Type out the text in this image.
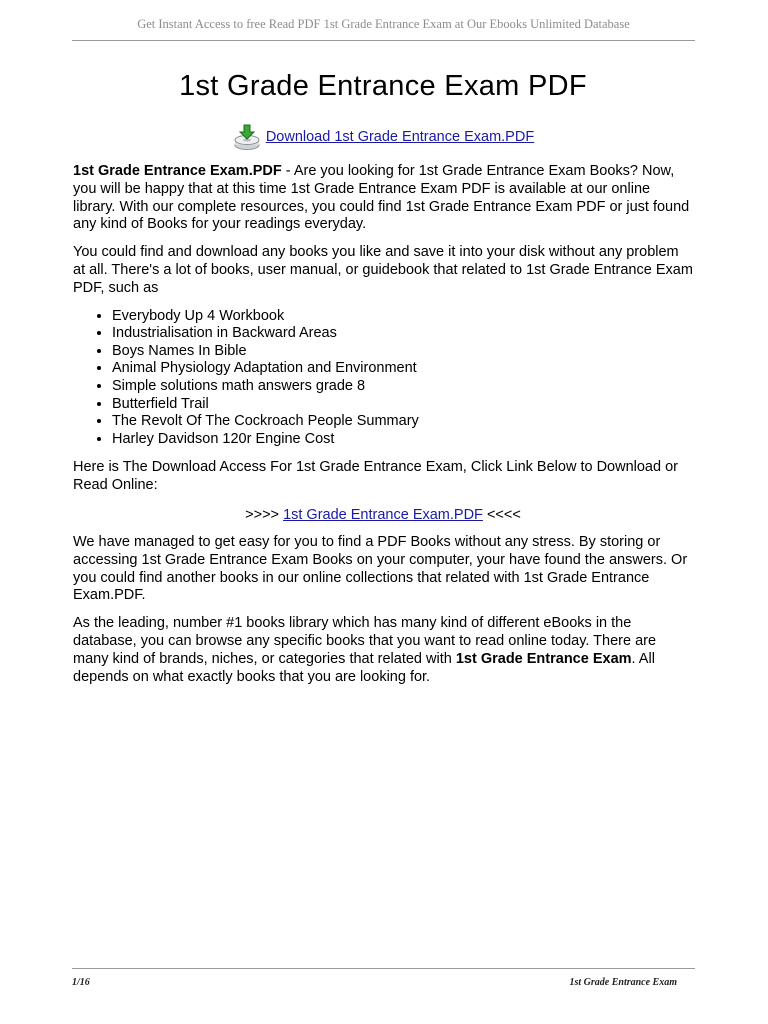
Get Instant Access to free Read PDF 1st Grade Entrance Exam at Our Ebooks Unlimited Database
1st Grade Entrance Exam PDF
Download 1st Grade Entrance Exam.PDF

1st Grade Entrance Exam.PDF - Are you looking for 1st Grade Entrance Exam Books? Now, you will be happy that at this time 1st Grade Entrance Exam PDF is available at our online library. With our complete resources, you could find 1st Grade Entrance Exam PDF or just found any kind of Books for your readings everyday.

You could find and download any books you like and save it into your disk without any problem at all. There's a lot of books, user manual, or guidebook that related to 1st Grade Entrance Exam PDF, such as

• Everybody Up 4 Workbook
• Industrialisation in Backward Areas
• Boys Names In Bible
• Animal Physiology Adaptation and Environment
• Simple solutions math answers grade 8
• Butterfield Trail
• The Revolt Of The Cockroach People Summary
• Harley Davidson 120r Engine Cost

Here is The Download Access For 1st Grade Entrance Exam, Click Link Below to Download or Read Online:

>>>> 1st Grade Entrance Exam.PDF <<<<

We have managed to get easy for you to find a PDF Books without any stress. By storing or accessing 1st Grade Entrance Exam Books on your computer, your have found the answers. Or you could find another books in our online collections that related with 1st Grade Entrance Exam.PDF.

As the leading, number #1 books library which has many kind of different eBooks in the database, you can browse any specific books that you want to read online today. There are many kind of brands, niches, or categories that related with 1st Grade Entrance Exam. All depends on what exactly books that you are looking for.

1/16	1st Grade Entrance Exam
